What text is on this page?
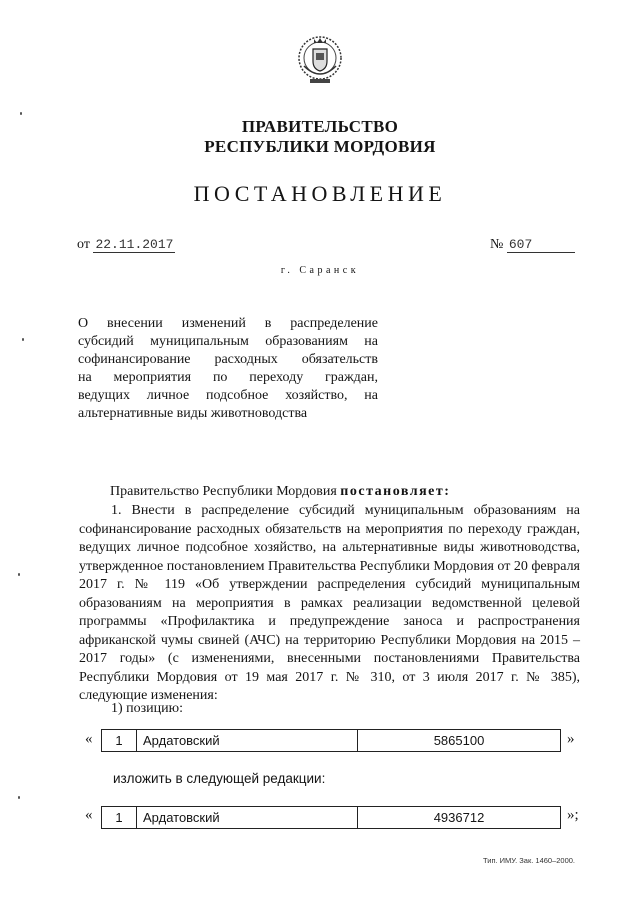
ПРАВИТЕЛЬСТВО
РЕСПУБЛИКИ МОРДОВИЯ
ПОСТАНОВЛЕНИЕ
от 22.11.2017	№ 607
г. Саранск
О внесении изменений в распределение
субсидий муниципальным образованиям на
софинансирование расходных обязательств
на мероприятия по переходу граждан,
ведущих личное подсобное хозяйство, на
альтернативные виды животноводства
Правительство Республики Мордовия постановляет:
1. Внести в распределение субсидий муниципальным образованиям на софинансирование расходных обязательств на мероприятия по переходу граждан, ведущих личное подсобное хозяйство, на альтернативные виды животноводства, утвержденное постановлением Правительства Республики Мордовия от 20 февраля 2017 г. № 119 «Об утверждении распределения субсидий муниципальным образованиям на мероприятия в рамках реализации ведомственной целевой программы «Профилактика и предупреждение заноса и распространения африканской чумы свиней (АЧС) на территорию Республики Мордовия на 2015 – 2017 годы» (с изменениями, внесенными постановлениями Правительства Республики Мордовия от 19 мая 2017 г. № 310, от 3 июля 2017 г. № 385), следующие изменения:
1) позицию:
« 1	Ардатовский	5865100	»
изложить в следующей редакции:
« 1	Ардатовский	4936712	»;
Тип. ИМУ. Зак. 1460–2000.
